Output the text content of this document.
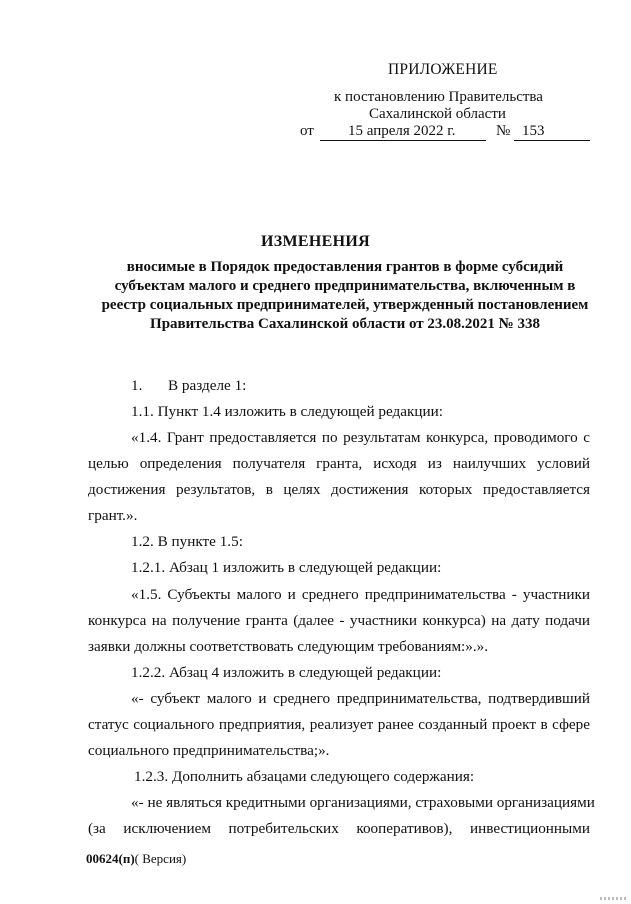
ПРИЛОЖЕНИЕ
к постановлению Правительства
Сахалинской области
от 15 апреля 2022 г.	№ 153
ИЗМЕНЕНИЯ
вносимые в Порядок предоставления грантов в форме субсидий
субъектам малого и среднего предпринимательства, включенным в
реестр социальных предпринимателей, утвержденный постановлением
Правительства Сахалинской области от 23.08.2021 № 338
1. В разделе 1:
1.1. Пункт 1.4 изложить в следующей редакции:
«1.4. Грант предоставляется по результатам конкурса, проводимого с
целью определения получателя гранта, исходя из наилучших условий
достижения результатов, в целях достижения которых предоставляется
грант.».
1.2. В пункте 1.5:
1.2.1. Абзац 1 изложить в следующей редакции:
«1.5. Субъекты малого и среднего предпринимательства - участники
конкурса на получение гранта (далее - участники конкурса) на дату подачи
заявки должны соответствовать следующим требованиям:».».
1.2.2. Абзац 4 изложить в следующей редакции:
«- субъект малого и среднего предпринимательства, подтвердивший
статус социального предприятия, реализует ранее созданный проект в сфере
социального предпринимательства;».
1.2.3. Дополнить абзацами следующего содержания:
«- не являться кредитными организациями, страховыми организациями
(за исключением потребительских кооперативов), инвестиционными
00624(п)( Версия)
